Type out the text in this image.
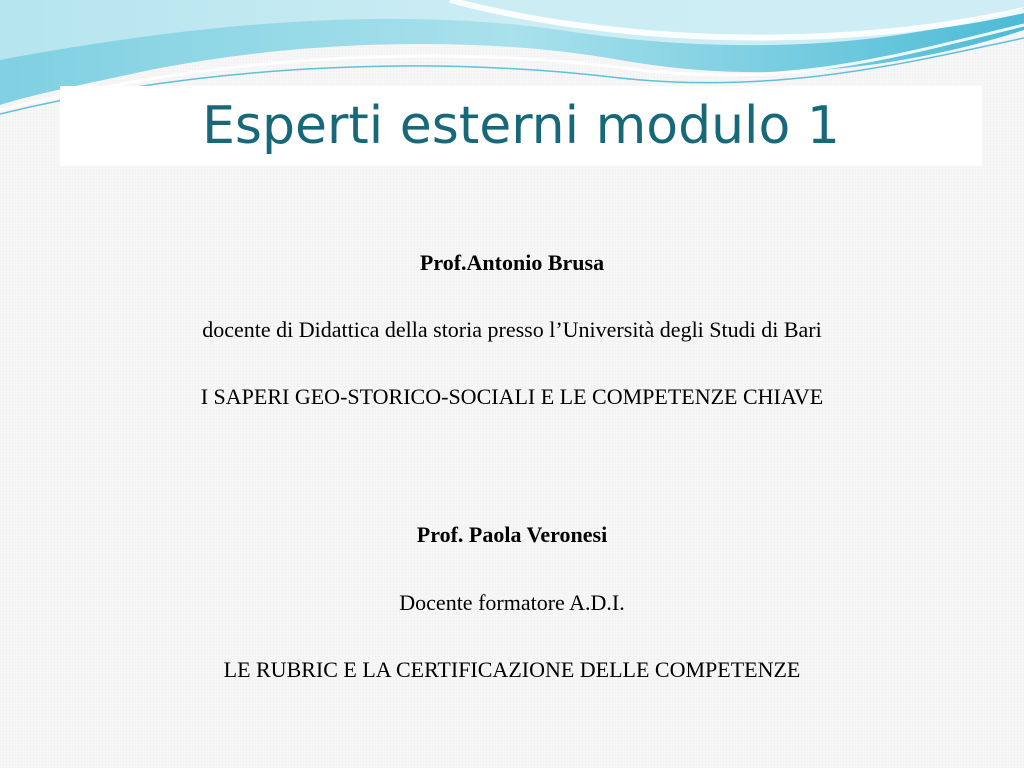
Esperti esterni modulo 1
Prof.Antonio Brusa
docente di Didattica della storia presso l’Università degli Studi di Bari
I SAPERI GEO-STORICO-SOCIALI E LE COMPETENZE CHIAVE
Prof. Paola Veronesi
Docente formatore A.D.I.
LE RUBRIC E LA CERTIFICAZIONE DELLE COMPETENZE
